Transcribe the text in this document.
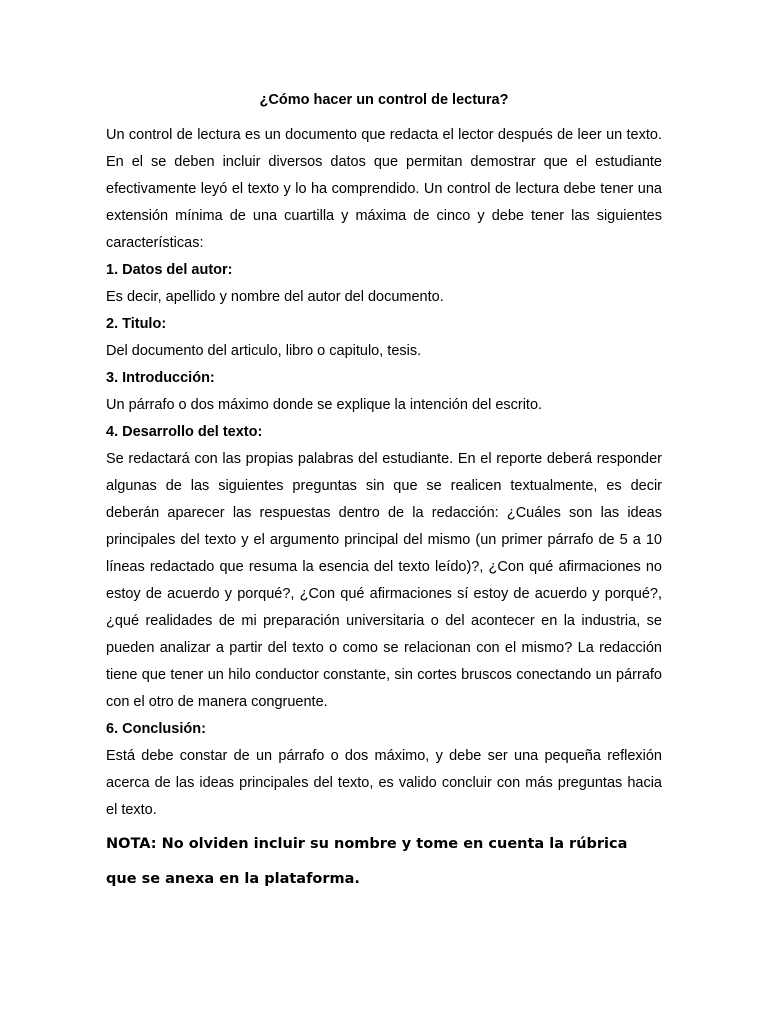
¿Cómo hacer un control de lectura?

Un control de lectura es un documento que redacta el lector después de leer un texto. En el se deben incluir diversos datos que permitan demostrar que el estudiante efectivamente leyó el texto y lo ha comprendido. Un control de lectura debe tener una extensión mínima de una cuartilla y máxima de cinco y debe tener las siguientes características:

1. Datos del autor:

Es decir, apellido y nombre del autor del documento.

2. Titulo:

Del documento del articulo, libro o capitulo, tesis.

3. Introducción:

Un párrafo o dos máximo donde se explique la intención del escrito.

4. Desarrollo del texto:

Se redactará con las propias palabras del estudiante. En el reporte deberá responder algunas de las siguientes preguntas sin que se realicen textualmente, es decir deberán aparecer las respuestas dentro de la redacción: ¿Cuáles son las ideas principales del texto y el argumento principal del mismo (un primer párrafo de 5 a 10 líneas redactado que resuma la esencia del texto leído)?, ¿Con qué afirmaciones no estoy de acuerdo y porqué?, ¿Con qué afirmaciones sí estoy de acuerdo y porqué?, ¿qué realidades de mi preparación universitaria o del acontecer en la industria, se pueden analizar a partir del texto o como se relacionan con el mismo? La redacción tiene que tener un hilo conductor constante, sin cortes bruscos conectando un párrafo con el otro de manera congruente.

6. Conclusión:

Está debe constar de un párrafo o dos máximo, y debe ser una pequeña reflexión acerca de las ideas principales del texto, es valido concluir con más preguntas hacia el texto.

NOTA: No olviden incluir su nombre y tome en cuenta la rúbrica que se anexa en la plataforma.
